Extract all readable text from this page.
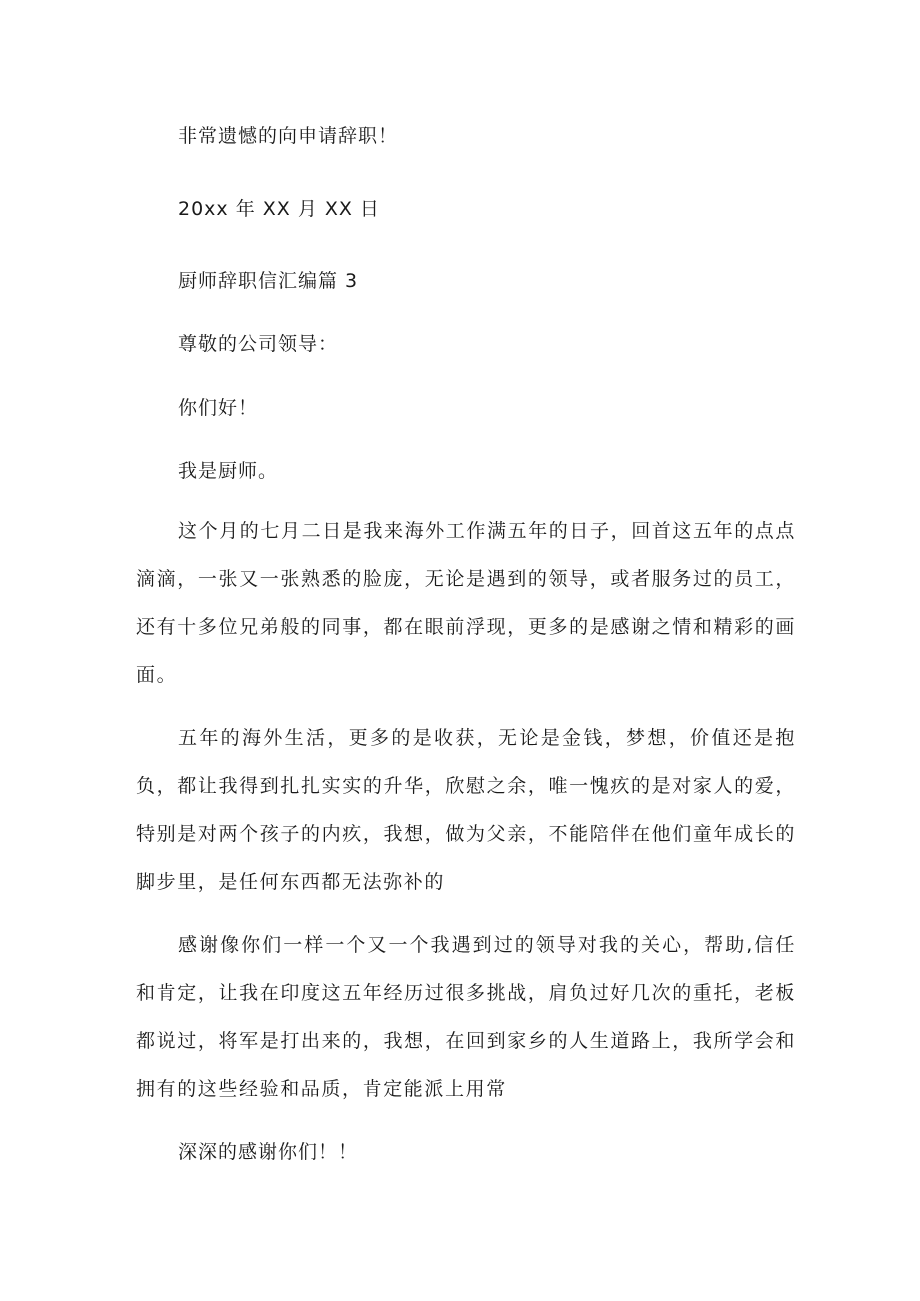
非常遗憾的向申请辞职！
20xx 年 XX 月 XX 日
厨师辞职信汇编篇 3
尊敬的公司领导：
你们好！
我是厨师。

这个月的七月二日是我来海外工作满五年的日子，回首这五年的点点滴滴，一张又一张熟悉的脸庞，无论是遇到的领导，或者服务过的员工，还有十多位兄弟般的同事，都在眼前浮现，更多的是感谢之情和精彩的画面。

五年的海外生活，更多的是收获，无论是金钱，梦想，价值还是抱负，都让我得到扎扎实实的升华，欣慰之余，唯一愧疚的是对家人的爱，特别是对两个孩子的内疚，我想，做为父亲，不能陪伴在他们童年成长的脚步里，是任何东西都无法弥补的

感谢像你们一样一个又一个我遇到过的领导对我的关心，帮助,信任和肯定，让我在印度这五年经历过很多挑战，肩负过好几次的重托，老板都说过，将军是打出来的，我想，在回到家乡的人生道路上，我所学会和拥有的这些经验和品质，肯定能派上用常

深深的感谢你们！！
